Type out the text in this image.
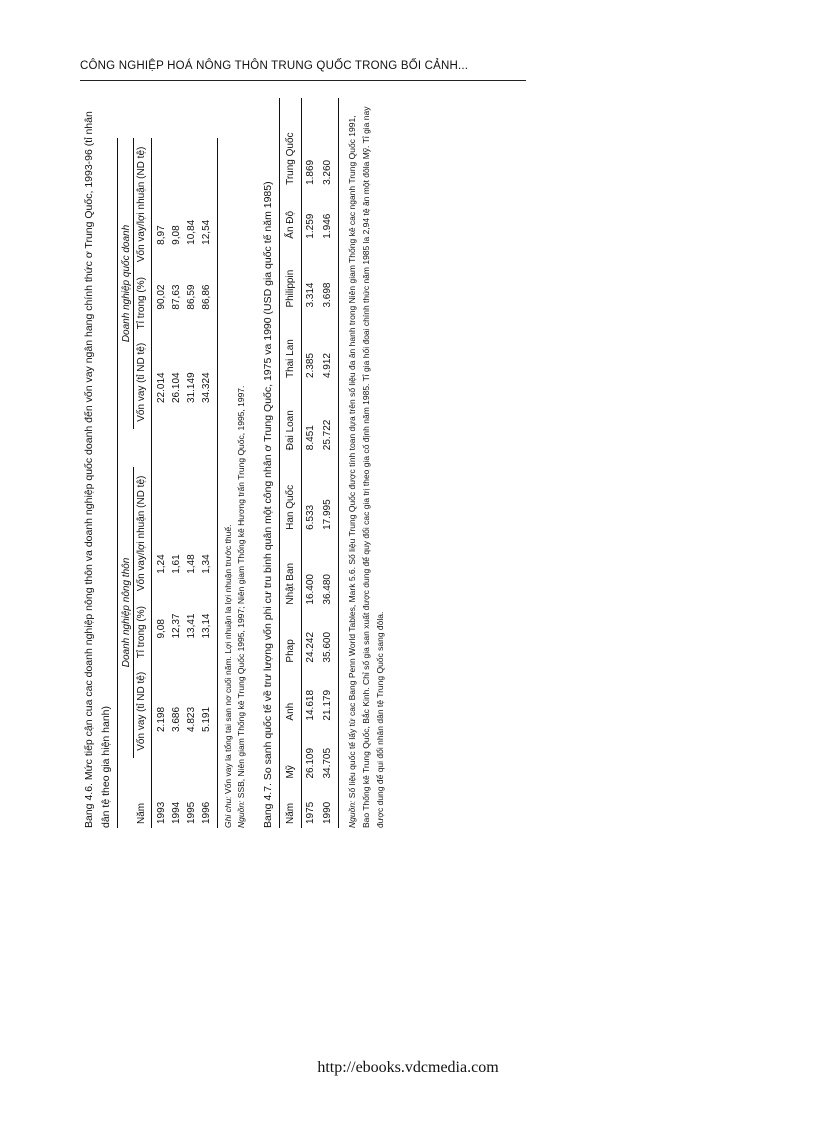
CÔNG NGHIỆP HOÁ NÔNG THÔN TRUNG QUỐC TRONG BỐI CẢNH...
Bang 4.6. Mức tiếp cận cua cac doanh nghiệp nông thôn va doanh nghiệp quốc doanh đến vốn vay ngân hang chính thức ơ Trung Quốc, 1993-96 (tỉ nhân dân tệ theo gia hiện hanh)
	Doanh nghiệp nông thôn				Doanh nghiệp quốc doanh		
Năm	Vốn vay (tỉ ND tệ)	Tỉ trong (%)	Vốn vay/lợi nhuận (ND tệ)		Vốn vay (tỉ ND tệ)	Tỉ trong (%)	Vốn vay/lợi nhuận (ND tệ)
1993	2.198	9,08	1,24		22.014	90,02	8,97
1994	3.686	12,37	1,61		26.104	87,63	9,08
1995	4.823	13,41	1,48		31.149	86,59	10,84
1996	5.191	13,14	1,34		34.324	86,86	12,54
Ghi chu: Vốn vay la tổng tai san nơ cuối năm. Lợi nhuận la lợi nhuận trước thuế.
Nguồn: SSB, Niên giam Thống kê Trung Quốc 1995, 1997; Niên giam Thống kê Hương trấn Trung Quốc, 1995, 1997.
Bang 4.7. So sanh quốc tế về trư lượng vốn phi cư tru binh quân một công nhân ơ Trung Quốc, 1975 va 1990 (USD gia quốc tế năm 1985)
Năm	Mỹ	Anh	Phap	Nhật Ban	Han Quốc	Đai Loan	Thai Lan	Philippin	Ấn Độ	Trung Quốc
1975	26.109	14.618	24.242	16.400	6.533	8.451	2.385	3.314	1.259	1.869
1990	34.705	21.179	35.600	36.480	17.995	25.722	4.912	3.698	1.946	3.260
Nguồn: Số liệu quốc tế lấy từ cac Bang Penn World Tables, Mark 5.6. Số liệu Trung Quốc được tính toan dựa trên số liệu đa ân hanh trong Niên giam Thống kê cac nganh Trung Quốc 1991, Bao Thống kê Trung Quốc, Bắc Kinh. Chỉ số gia san xuất được dung để quy đổi cac gia trị theo gia cố định năm 1985. Tỉ gia hối đoai chính thức năm 1985 la 2,94 tệ ăn một đôla Mỹ. Tỉ gia nay được dung để qui đổi nhân dân tệ Trung Quốc sang đôla.
http://ebooks.vdcmedia.com
